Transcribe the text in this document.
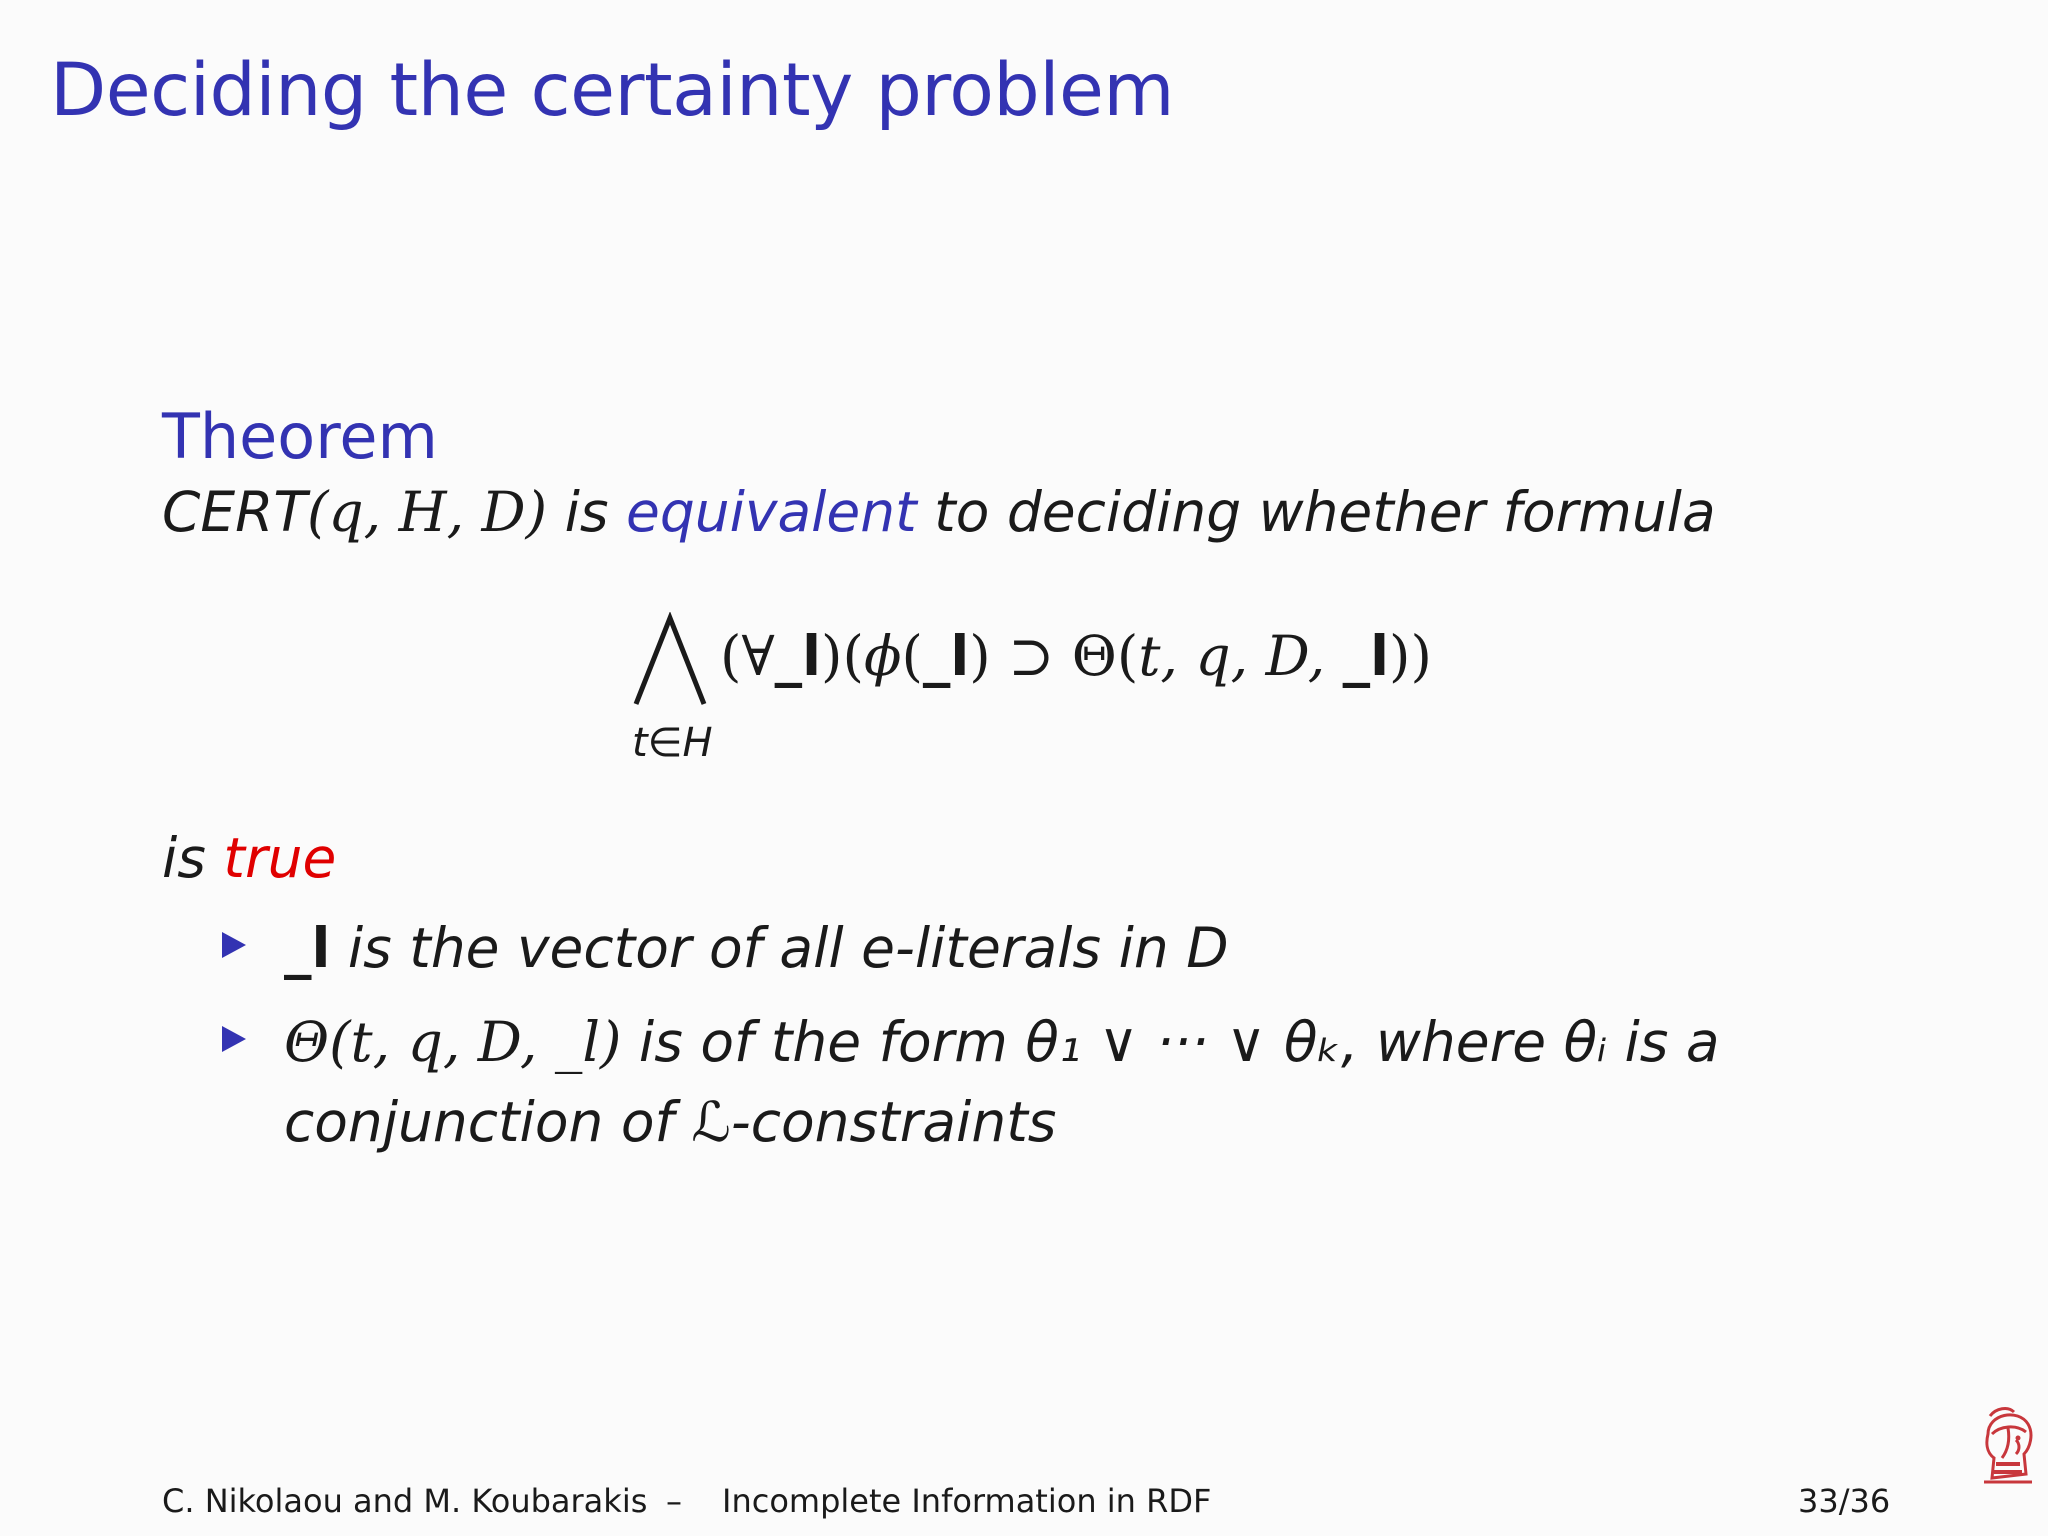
Deciding the certainty problem
Theorem
CERT(q, H, D) is equivalent to deciding whether formula
t∈H
(∀_l)(ϕ(_l) ⊃ Θ(t, q, D, _l))
is true
_l is the vector of all e-literals in D
Θ(t, q, D, _l) is of the form θ₁ ∨ ··· ∨ θₖ, where θᵢ is a
conjunction of ℒ-constraints
C. Nikolaou and M. Koubarakis – Incomplete Information in RDF	33/36
